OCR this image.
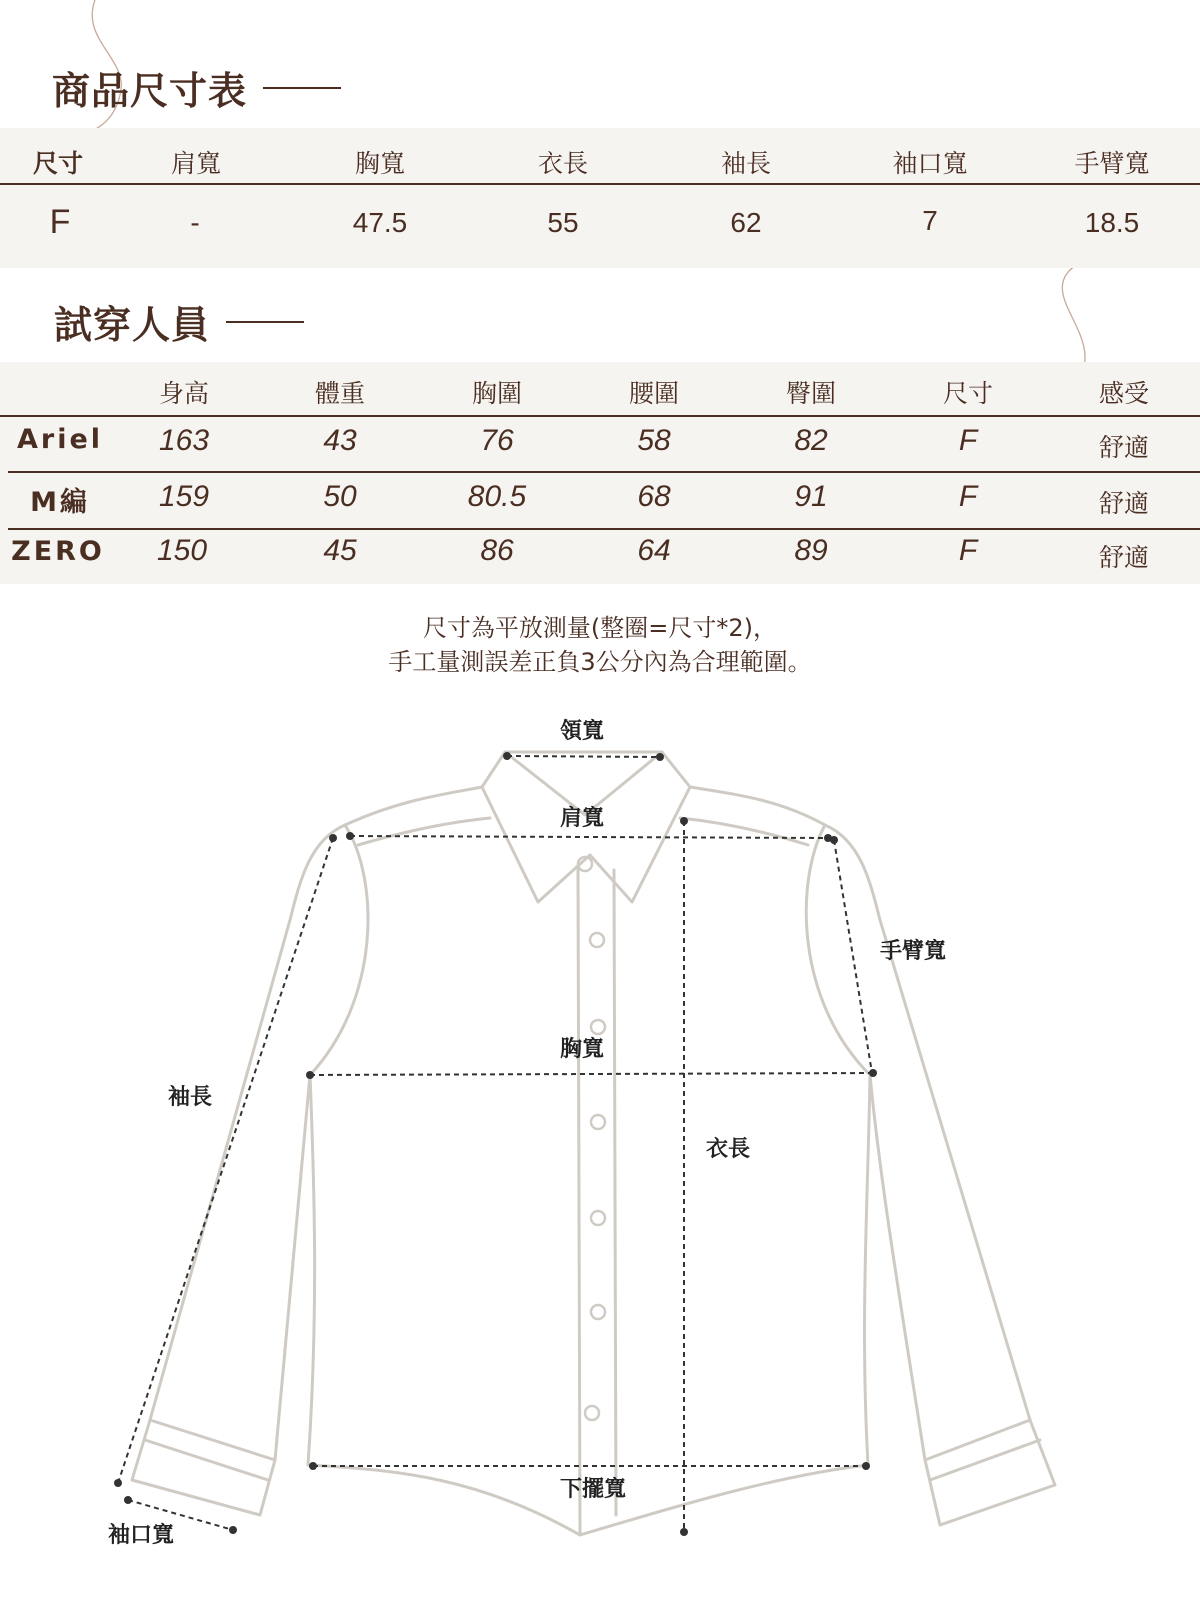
商品尺寸表
尺寸	肩寬	胸寬	衣長	袖長	袖口寬	手臂寬
F	-	47.5	55	62	7	18.5
試穿人員
身高	體重	胸圍	腰圍	臀圍	尺寸	感受
Ariel 163	43	76	58	82	F	舒適
M編 159	50	80.5	68	91	F	舒適
ZERO 150	45	86	64	89	F	舒適
尺寸為平放測量(整圈=尺寸*2)，
手工量測誤差正負3公分內為合理範圍。
領寬
肩寬
手臂寬
胸寬
袖長
衣長
下擺寬
袖口寬
